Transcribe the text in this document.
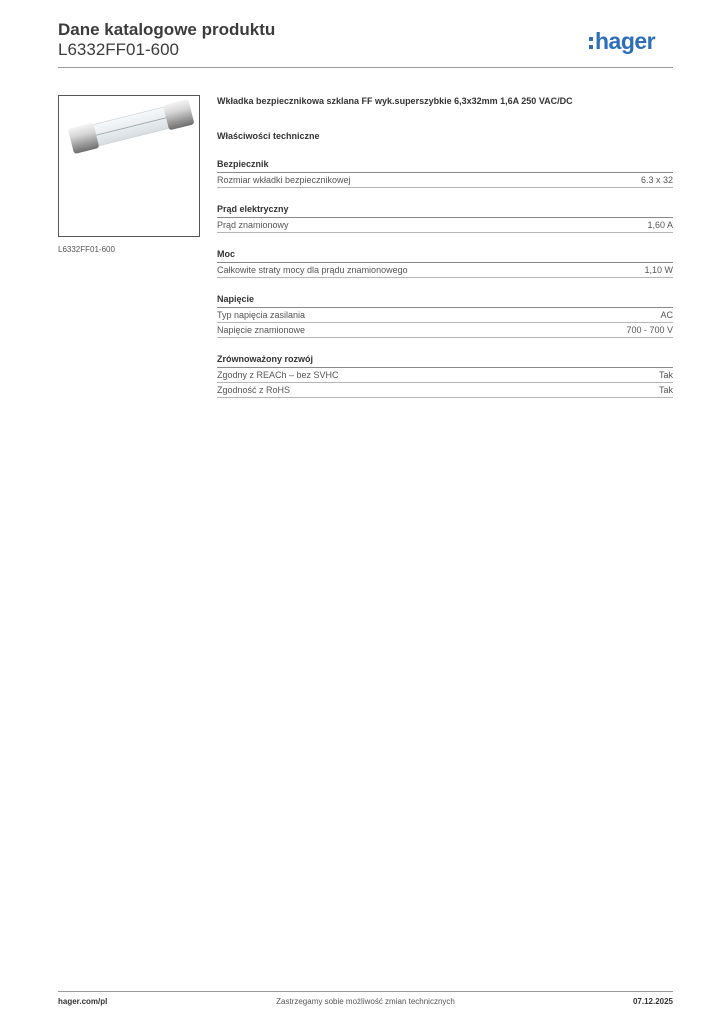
Dane katalogowe produktu
L6332FF01-600	hager
L6332FF01-600
Wkładka bezpiecznikowa szklana FF wyk.superszybkie 6,3x32mm 1,6A 250 VAC/DC
Właściwości techniczne
Bezpiecznik
Rozmiar wkładki bezpiecznikowej	6.3 x 32
Prąd elektryczny
Prąd znamionowy	1,60 A
Moc
Całkowite straty mocy dla prądu znamionowego	1,10 W
Napięcie
Typ napięcia zasilania	AC
Napięcie znamionowe	700 - 700 V
Zrównoważony rozwój
Zgodny z REACh – bez SVHC	Tak
Zgodność z RoHS	Tak
hager.com/pl	Zastrzegamy sobie możliwość zmian technicznych	07.12.2025
